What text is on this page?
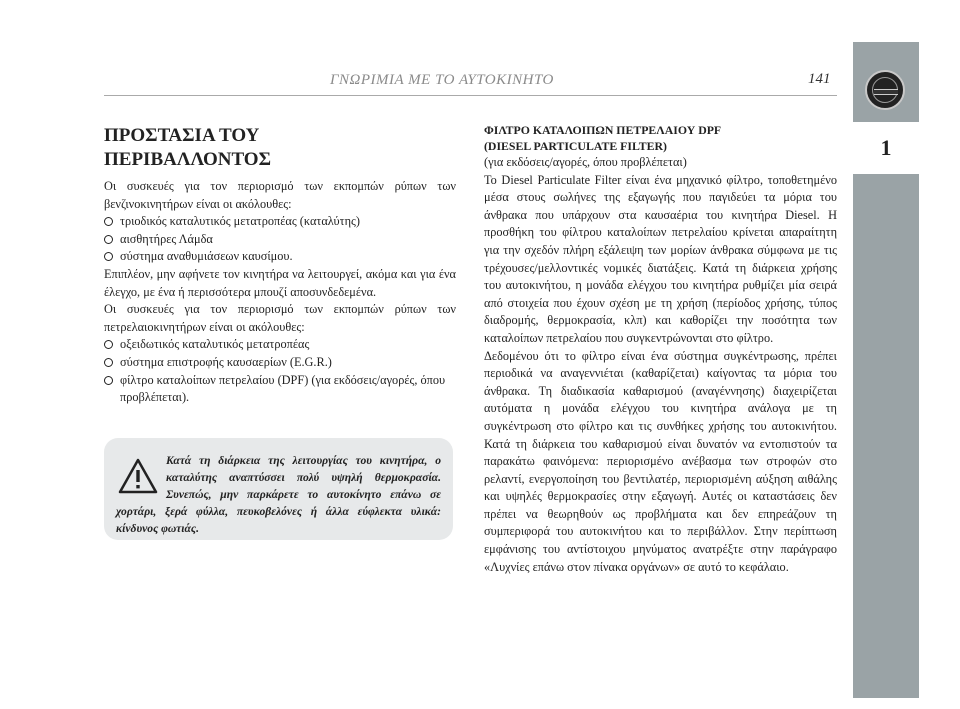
ΓΝΩΡΙΜΙΑ ΜΕ ΤΟ ΑΥΤΟΚΙΝΗΤΟ	141
1
ΠΡΟΣΤΑΣΙΑ ΤΟΥ
ΠΕΡΙΒΑΛΛΟΝΤΟΣ

Οι συσκευές για τον περιορισμό των εκπομπών ρύπων των βενζινοκινητήρων είναι οι ακόλουθες:

τριοδικός καταλυτικός μετατροπέας (καταλύτης)
αισθητήρες Λάμδα
σύστημα αναθυμιάσεων καυσίμου.

Επιπλέον, μην αφήνετε τον κινητήρα να λειτουργεί, ακόμα και για ένα έλεγχο, με ένα ή περισσότερα μπουζί αποσυνδεδεμένα.

Οι συσκευές για τον περιορισμό των εκπομπών ρύπων των πετρελαιοκινητήρων είναι οι ακόλουθες:

οξειδωτικός καταλυτικός μετατροπέας
σύστημα επιστροφής καυσαερίων (E.G.R.)
φίλτρο καταλοίπων πετρελαίου (DPF) (για εκδόσεις/αγορές, όπου προβλέπεται).
Κατά τη διάρκεια της λειτουργίας του κινητήρα, ο καταλύτης αναπτύσσει πολύ υψηλή θερμοκρασία. Συνεπώς, μην παρκάρετε το αυτοκίνητο επάνω σε χορτάρι, ξερά φύλλα, πευκοβελόνες ή άλλα εύφλεκτα υλικά: κίνδυνος φωτιάς.
ΦΙΛΤΡΟ ΚΑΤΑΛΟΙΠΩΝ ΠΕΤΡΕΛΑΙΟΥ DPF
(DIESEL PARTICULATE FILTER)

(για εκδόσεις/αγορές, όπου προβλέπεται)

Το Diesel Particulate Filter είναι ένα μηχανικό φίλτρο, τοποθετημένο μέσα στους σωλήνες της εξαγωγής που παγιδεύει τα μόρια του άνθρακα που υπάρχουν στα καυσαέρια του κινητήρα Diesel. Η προσθήκη του φίλτρου καταλοίπων πετρελαίου κρίνεται απαραίτητη για την σχεδόν πλήρη εξάλειψη των μορίων άνθρακα σύμφωνα με τις τρέχουσες/μελλοντικές νομικές διατάξεις. Κατά τη διάρκεια χρήσης του αυτοκινήτου, η μονάδα ελέγχου του κινητήρα ρυθμίζει μία σειρά από στοιχεία που έχουν σχέση με τη χρήση (περίοδος χρήσης, τύπος διαδρομής, θερμοκρασία, κλπ) και καθορίζει την ποσότητα των καταλοίπων πετρελαίου που συγκεντρώνονται στο φίλτρο.

Δεδομένου ότι το φίλτρο είναι ένα σύστημα συγκέντρωσης, πρέπει περιοδικά να αναγεννιέται (καθαρίζεται) καίγοντας τα μόρια του άνθρακα. Τη διαδικασία καθαρισμού (αναγέννησης) διαχειρίζεται αυτόματα η μονάδα ελέγχου του κινητήρα ανάλογα με τη συγκέντρωση στο φίλτρο και τις συνθήκες χρήσης του αυτοκινήτου. Κατά τη διάρκεια του καθαρισμού είναι δυνατόν να εντοπιστούν τα παρακάτω φαινόμενα: περιορισμένο ανέβασμα των στροφών στο ρελαντί, ενεργοποίηση του βεντιλατέρ, περιορισμένη αύξηση αιθάλης και υψηλές θερμοκρασίες στην εξαγωγή. Αυτές οι καταστάσεις δεν πρέπει να θεωρηθούν ως προβλήματα και δεν επηρεάζουν τη συμπεριφορά του αυτοκινήτου και το περιβάλλον. Στην περίπτωση εμφάνισης του αντίστοιχου μηνύματος ανατρέξτε στην παράγραφο «Λυχνίες επάνω στον πίνακα οργάνων» σε αυτό το κεφάλαιο.
